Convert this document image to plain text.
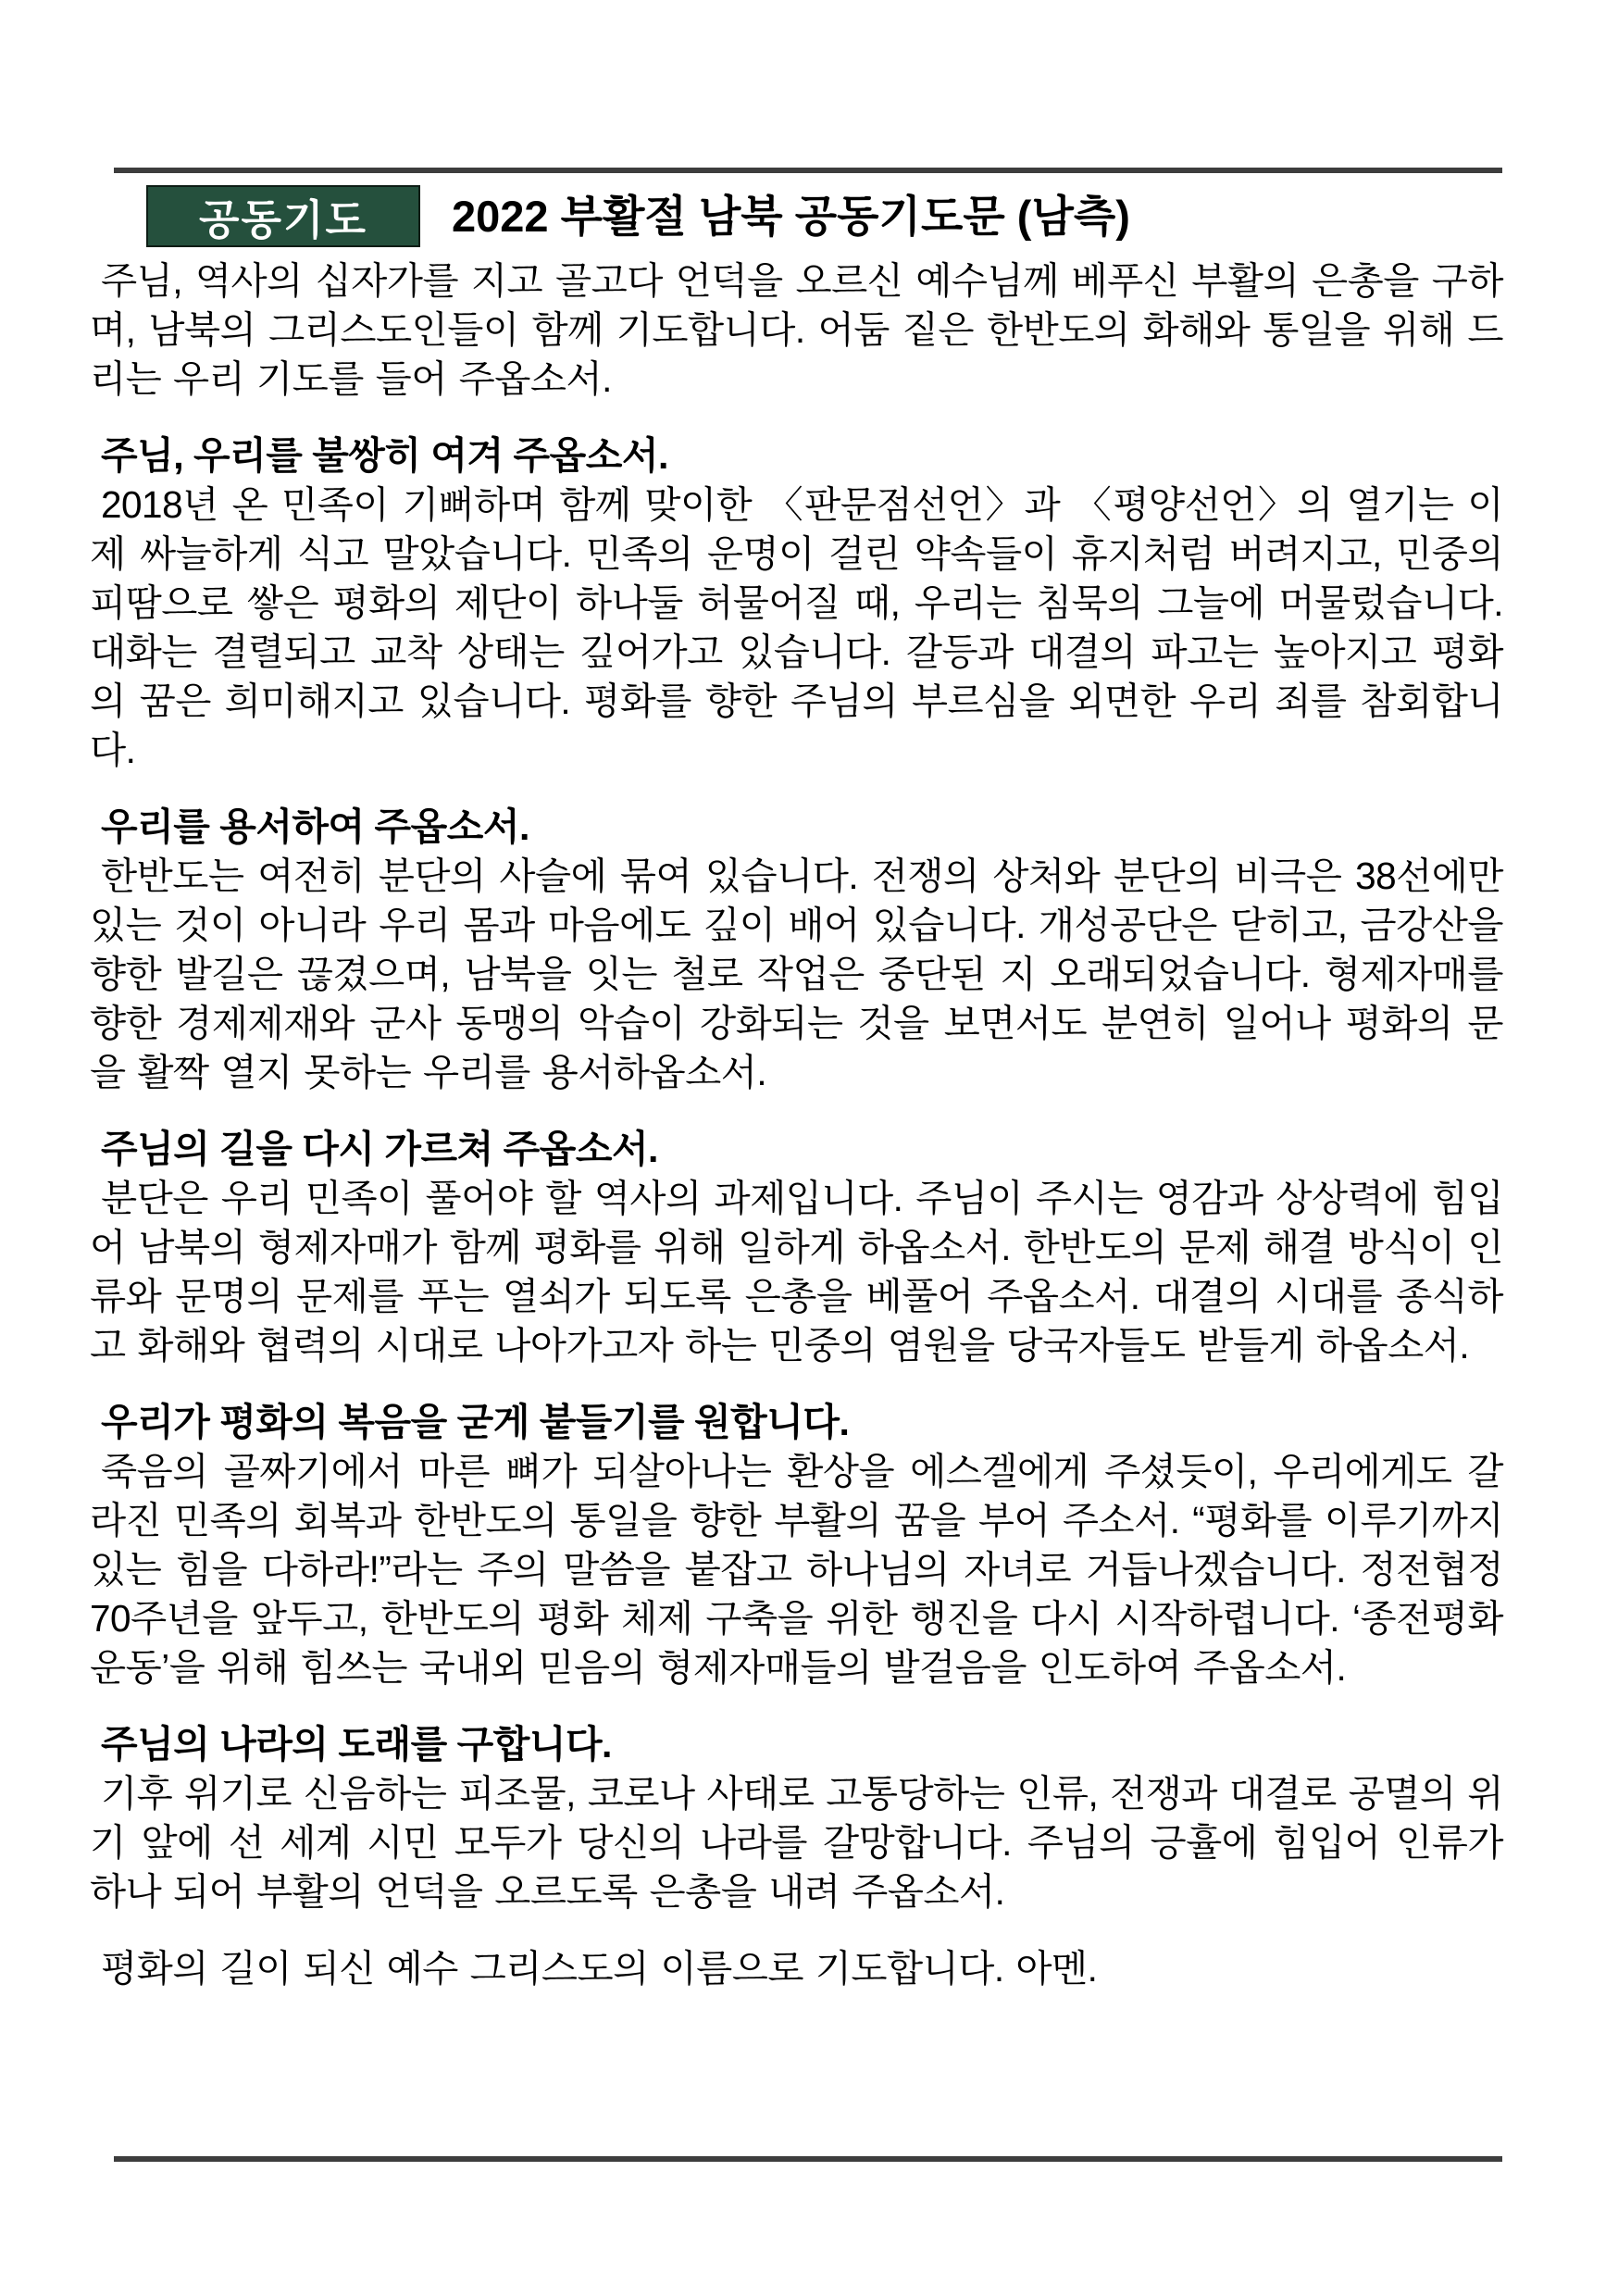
공동기도	2022 부활절 남북 공동기도문 (남측)

주님, 역사의 십자가를 지고 골고다 언덕을 오르신 예수님께 베푸신 부활의 은총을 구하며, 남북의 그리스도인들이 함께 기도합니다. 어둠 짙은 한반도의 화해와 통일을 위해 드리는 우리 기도를 들어 주옵소서.

주님, 우리를 불쌍히 여겨 주옵소서.

2018년 온 민족이 기뻐하며 함께 맞이한 〈판문점선언〉과 〈평양선언〉의 열기는 이제 싸늘하게 식고 말았습니다. 민족의 운명이 걸린 약속들이 휴지처럼 버려지고, 민중의 피땀으로 쌓은 평화의 제단이 하나둘 허물어질 때, 우리는 침묵의 그늘에 머물렀습니다. 대화는 결렬되고 교착 상태는 깊어가고 있습니다. 갈등과 대결의 파고는 높아지고 평화의 꿈은 희미해지고 있습니다. 평화를 향한 주님의 부르심을 외면한 우리 죄를 참회합니다.

우리를 용서하여 주옵소서.

한반도는 여전히 분단의 사슬에 묶여 있습니다. 전쟁의 상처와 분단의 비극은 38선에만 있는 것이 아니라 우리 몸과 마음에도 깊이 배어 있습니다. 개성공단은 닫히고, 금강산을 향한 발길은 끊겼으며, 남북을 잇는 철로 작업은 중단된 지 오래되었습니다. 형제자매를 향한 경제제재와 군사 동맹의 악습이 강화되는 것을 보면서도 분연히 일어나 평화의 문을 활짝 열지 못하는 우리를 용서하옵소서.

주님의 길을 다시 가르쳐 주옵소서.

분단은 우리 민족이 풀어야 할 역사의 과제입니다. 주님이 주시는 영감과 상상력에 힘입어 남북의 형제자매가 함께 평화를 위해 일하게 하옵소서. 한반도의 문제 해결 방식이 인류와 문명의 문제를 푸는 열쇠가 되도록 은총을 베풀어 주옵소서. 대결의 시대를 종식하고 화해와 협력의 시대로 나아가고자 하는 민중의 염원을 당국자들도 받들게 하옵소서.

우리가 평화의 복음을 굳게 붙들기를 원합니다.

죽음의 골짜기에서 마른 뼈가 되살아나는 환상을 에스겔에게 주셨듯이, 우리에게도 갈라진 민족의 회복과 한반도의 통일을 향한 부활의 꿈을 부어 주소서. “평화를 이루기까지 있는 힘을 다하라!”라는 주의 말씀을 붙잡고 하나님의 자녀로 거듭나겠습니다. 정전협정 70주년을 앞두고, 한반도의 평화 체제 구축을 위한 행진을 다시 시작하렵니다. ‘종전평화운동’을 위해 힘쓰는 국내외 믿음의 형제자매들의 발걸음을 인도하여 주옵소서.

주님의 나라의 도래를 구합니다.

기후 위기로 신음하는 피조물, 코로나 사태로 고통당하는 인류, 전쟁과 대결로 공멸의 위기 앞에 선 세계 시민 모두가 당신의 나라를 갈망합니다. 주님의 긍휼에 힘입어 인류가 하나 되어 부활의 언덕을 오르도록 은총을 내려 주옵소서.

평화의 길이 되신 예수 그리스도의 이름으로 기도합니다. 아멘.
